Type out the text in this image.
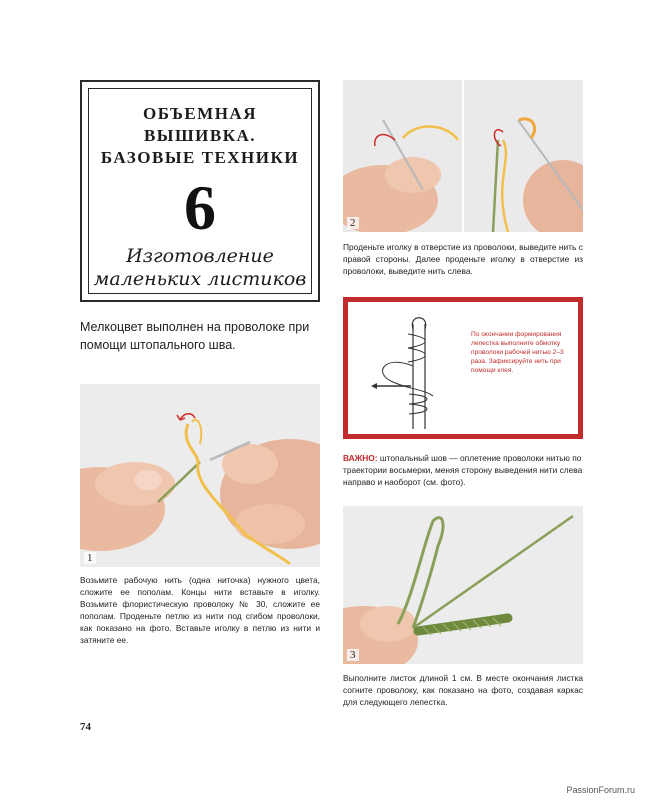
ОБЪЕМНАЯ ВЫШИВКА.
БАЗОВЫЕ ТЕХНИКИ
6
Изготовление
маленьких листиков
Мелкоцвет выполнен на проволоке при помощи штопального шва.
1
Возьмите рабочую нить (одна ниточка) нужного цвета, сложите ее пополам. Концы нити вставьте в иголку. Возьмите флористическую проволоку № 30, сложите ее пополам. Проденьте петлю из нити под сгибом проволоки, как показано на фото. Вставьте иголку в петлю из нити и затяните ее.
2
Проденьте иголку в отверстие из проволоки, выведите нить с правой стороны. Далее проденьте иголку в отверстие из проволоки, выведите нить слева.
По окончании формирования лепестка выполните обмотку проволоки рабочей нитью 2–3 раза. Зафиксируйте нить при помощи клея.
ВАЖНО: штопальный шов — оплетение проволоки нитью по траектории восьмерки, меняя сторону выведения нити слева направо и наоборот (см. фото).
3
Выполните листок длиной 1 см. В месте окончания листка согните проволоку, как показано на фото, создавая каркас для следующего лепестка.
74
PassionForum.ru
